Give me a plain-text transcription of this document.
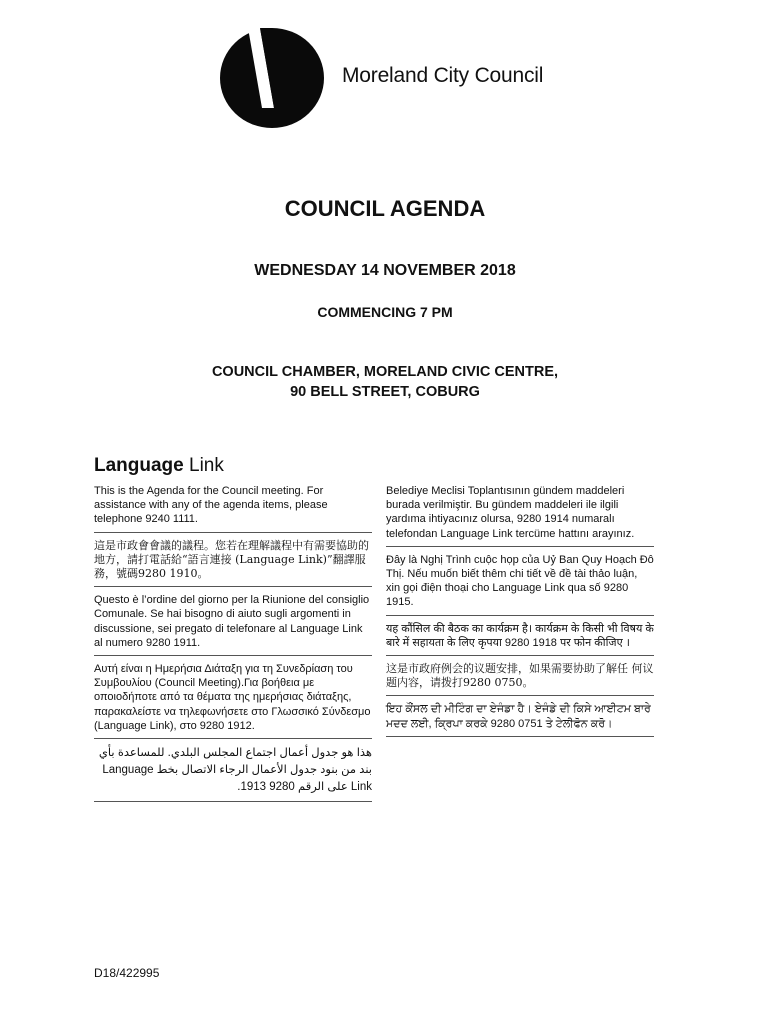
Moreland City Council
COUNCIL AGENDA
WEDNESDAY 14 NOVEMBER 2018
COMMENCING 7 PM
COUNCIL CHAMBER, MORELAND CIVIC CENTRE,
90 BELL STREET, COBURG
Language Link
This is the Agenda for the Council meeting. For assistance with any of the agenda items, please telephone 9240 1111.
這是市政會會議的議程。您若在理解議程中有需要協助的地方，請打電話給“語言連接 (Language Link)”翻譯服務，號碼9280 1910。
Questo è l’ordine del giorno per la Riunione del consiglio Comunale. Se hai bisogno di aiuto sugli argomenti in discussione, sei pregato di telefonare al Language Link al numero 9280 1911.
Αυτή είναι η Ημερήσια Διάταξη για τη Συνεδρίαση του Συμβουλίου (Council Meeting).Για βοήθεια με οποιοδήποτε από τα θέματα της ημερήσιας διάταξης, παρακαλείστε να τηλεφωνήσετε στο Γλωσσικό Σύνδεσμο (Language Link), στο 9280 1912.
هذا هو جدول أعمال اجتماع المجلس البلدي. للمساعدة بأي بند من بنود جدول الأعمال الرجاء الاتصال بخط Language Link على الرقم 9280 1913.
Belediye Meclisi Toplantısının gündem maddeleri burada verilmiştir. Bu gündem maddeleri ile ilgili yardıma ihtiyacınız olursa, 9280 1914 numaralı telefondan Language Link tercüme hattını arayınız.
Đây là Nghị Trình cuộc họp của Uỷ Ban Quy Hoạch Đô Thị. Nếu muốn biết thêm chi tiết về đề tài thảo luận, xin gọi điện thoại cho Language Link qua số 9280 1915.
यह कौंसिल की बैठक का कार्यक्रम है। कार्यक्रम के किसी भी विषय के बारे में सहायता के लिए कृपया 9280 1918 पर फोन कीजिए ।
这是市政府例会的议题安排，如果需要协助了解任 何议题内容，请拨打9280 0750。
ਇਹ ਕੌਂਸਲ ਦੀ ਮੀਟਿੰਗ ਦਾ ਏਜੰਡਾ ਹੈ। ਏਜੰਡੇ ਦੀ ਕਿਸੇ ਆਈਟਮ ਬਾਰੇ ਮਦਦ ਲਈ, ਕ੍ਰਿਪਾ ਕਰਕੇ 9280 0751 ਤੇ ਟੇਲੀਫੋਨ ਕਰੋ।
D18/422995
